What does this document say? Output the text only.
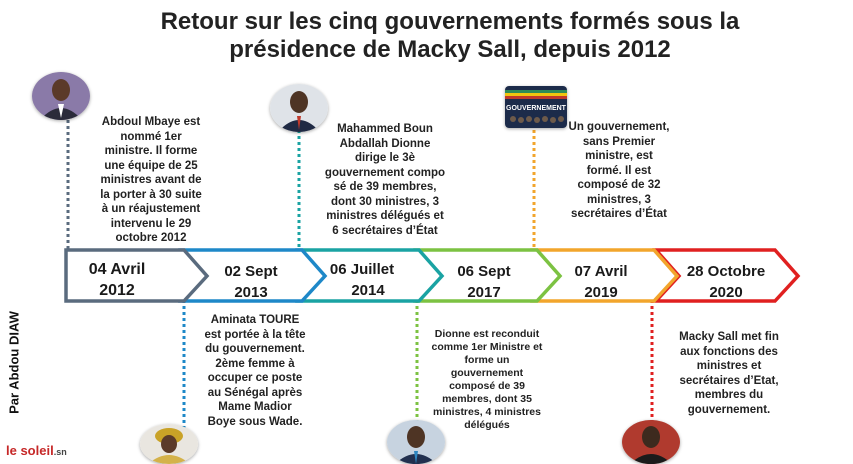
Retour sur les cinq gouvernements formés sous la
présidence de Macky Sall, depuis 2012
04 Avril
2012
02 Sept
2013
06 Juillet
2014
06 Sept
2017
07 Avril
2019
28 Octobre
2020
GOUVERNEMENT
Abdoul Mbaye est
nommé 1er
ministre. Il forme
une équipe de 25
ministres avant de
la porter à 30 suite
à un réajustement
intervenu le 29
octobre 2012
Aminata TOURE
est portée à la tête
du gouvernement.
2ème femme à
occuper ce poste
au Sénégal après
Mame Madior
Boye sous Wade.
Mahammed Boun
Abdallah Dionne
dirige le 3è
gouvernement compo
sé de 39 membres,
dont 30 ministres, 3
ministres délégués et
6 secrétaires d’État
Dionne est reconduit
comme 1er Ministre et
forme un
gouvernement
composé de 39
membres, dont 35
ministres, 4 ministres
délégués
Un gouvernement,
sans Premier
ministre, est
formé. Il est
composé de 32
ministres, 3
secrétaires d’État
Macky Sall met fin
aux fonctions des
ministres et
secrétaires d’Etat,
membres du
gouvernement.
Par Abdou DIAW
le soleil.sn
